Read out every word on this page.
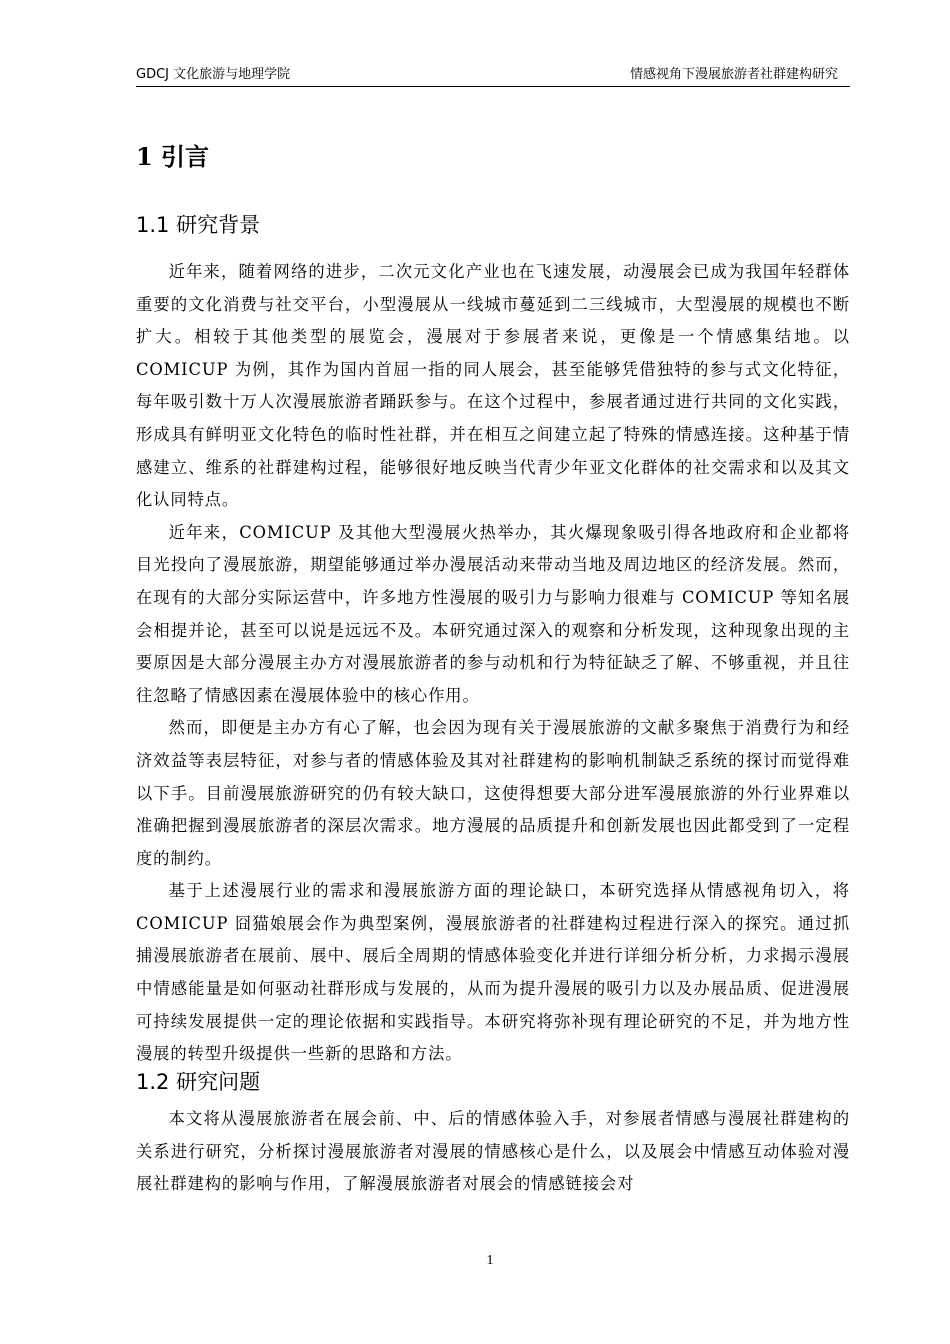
GDCJ 文化旅游与地理学院	情感视角下漫展旅游者社群建构研究
1 引言
1.1 研究背景

近年来，随着网络的进步，二次元文化产业也在飞速发展，动漫展会已成为我国年轻群体重要的文化消费与社交平台，小型漫展从一线城市蔓延到二三线城市，大型漫展的规模也不断扩大。相较于其他类型的展览会，漫展对于参展者来说，更像是一个情感集结地。以 COMICUP 为例，其作为国内首屈一指的同人展会，甚至能够凭借独特的参与式文化特征，每年吸引数十万人次漫展旅游者踊跃参与。在这个过程中，参展者通过进行共同的文化实践，形成具有鲜明亚文化特色的临时性社群，并在相互之间建立起了特殊的情感连接。这种基于情感建立、维系的社群建构过程，能够很好地反映当代青少年亚文化群体的社交需求和以及其文化认同特点。

近年来，COMICUP 及其他大型漫展火热举办，其火爆现象吸引得各地政府和企业都将目光投向了漫展旅游，期望能够通过举办漫展活动来带动当地及周边地区的经济发展。然而，在现有的大部分实际运营中，许多地方性漫展的吸引力与影响力很难与 COMICUP 等知名展会相提并论，甚至可以说是远远不及。本研究通过深入的观察和分析发现，这种现象出现的主要原因是大部分漫展主办方对漫展旅游者的参与动机和行为特征缺乏了解、不够重视，并且往往忽略了情感因素在漫展体验中的核心作用。

然而，即便是主办方有心了解，也会因为现有关于漫展旅游的文献多聚焦于消费行为和经济效益等表层特征，对参与者的情感体验及其对社群建构的影响机制缺乏系统的探讨而觉得难以下手。目前漫展旅游研究的仍有较大缺口，这使得想要大部分进军漫展旅游的外行业界难以准确把握到漫展旅游者的深层次需求。地方漫展的品质提升和创新发展也因此都受到了一定程度的制约。

基于上述漫展行业的需求和漫展旅游方面的理论缺口，本研究选择从情感视角切入，将 COMICUP 囧猫娘展会作为典型案例，漫展旅游者的社群建构过程进行深入的探究。通过抓捕漫展旅游者在展前、展中、展后全周期的情感体验变化并进行详细分析分析，力求揭示漫展中情感能量是如何驱动社群形成与发展的，从而为提升漫展的吸引力以及办展品质、促进漫展可持续发展提供一定的理论依据和实践指导。本研究将弥补现有理论研究的不足，并为地方性漫展的转型升级提供一些新的思路和方法。

1.2 研究问题

本文将从漫展旅游者在展会前、中、后的情感体验入手，对参展者情感与漫展社群建构的关系进行研究，分析探讨漫展旅游者对漫展的情感核心是什么，以及展会中情感互动体验对漫展社群建构的影响与作用，了解漫展旅游者对展会的情感链接会对

1
